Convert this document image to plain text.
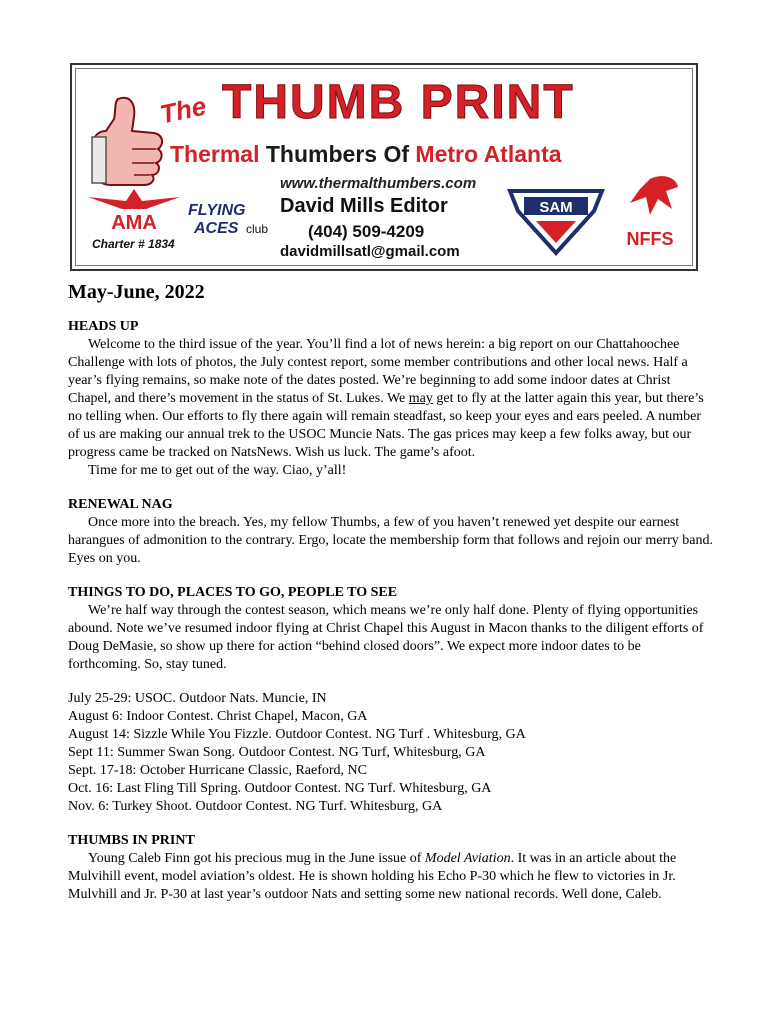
The THUMB PRINT
Thermal Thumbers Of Metro Atlanta
AMA
Charter # 1834
FLYING
ACES club
www.thermalthumbers.com
David Mills Editor
(404) 509-4209
davidmillsatl@gmail.com
SAM
NFFS
May-June, 2022
HEADS UP

Welcome to the third issue of the year. You’ll find a lot of news herein: a big report on our Chattahoochee Challenge with lots of photos, the July contest report, some member contributions and other local news. Half a year’s flying remains, so make note of the dates posted. We’re beginning to add some indoor dates at Christ Chapel, and there’s movement in the status of St. Lukes. We may get to fly at the latter again this year, but there’s no telling when. Our efforts to fly there again will remain steadfast, so keep your eyes and ears peeled. A number of us are making our annual trek to the USOC Muncie Nats. The gas prices may keep a few folks away, but our progress came be tracked on NatsNews. Wish us luck. The game’s afoot.

Time for me to get out of the way. Ciao, y’all!

RENEWAL NAG

Once more into the breach. Yes, my fellow Thumbs, a few of you haven’t renewed yet despite our earnest harangues of admonition to the contrary. Ergo, locate the membership form that follows and rejoin our merry band. Eyes on you.

THINGS TO DO, PLACES TO GO, PEOPLE TO SEE

We’re half way through the contest season, which means we’re only half done. Plenty of flying opportunities abound. Note we’ve resumed indoor flying at Christ Chapel this August in Macon thanks to the diligent efforts of Doug DeMasie, so show up there for action “behind closed doors”. We expect more indoor dates to be forthcoming. So, stay tuned.

July 25-29: USOC. Outdoor Nats. Muncie, IN
August 6: Indoor Contest. Christ Chapel, Macon, GA
August 14: Sizzle While You Fizzle. Outdoor Contest. NG Turf . Whitesburg, GA
Sept 11: Summer Swan Song. Outdoor Contest. NG Turf, Whitesburg, GA
Sept. 17-18: October Hurricane Classic, Raeford, NC
Oct. 16: Last Fling Till Spring. Outdoor Contest. NG Turf. Whitesburg, GA
Nov. 6: Turkey Shoot. Outdoor Contest. NG Turf. Whitesburg, GA
THUMBS IN PRINT

Young Caleb Finn got his precious mug in the June issue of Model Aviation. It was in an article about the Mulvihill event, model aviation’s oldest. He is shown holding his Echo P-30 which he flew to victories in Jr. Mulvhill and Jr. P-30 at last year’s outdoor Nats and setting some new national records. Well done, Caleb.
